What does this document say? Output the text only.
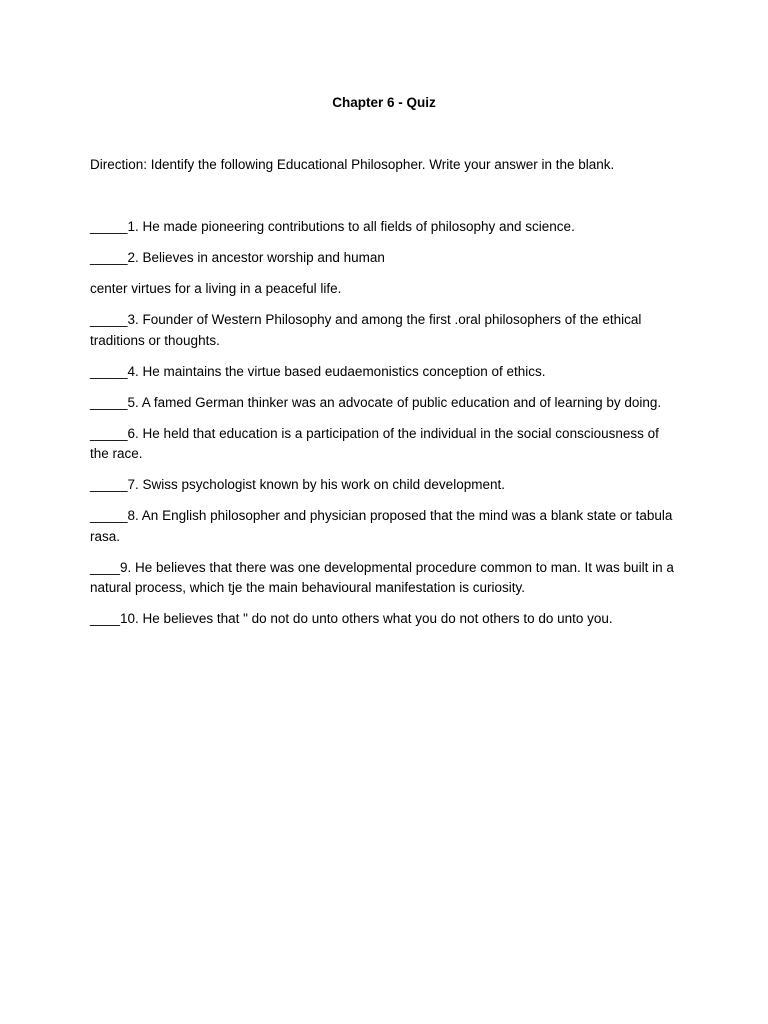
Chapter 6 - Quiz
Direction: Identify the following Educational Philosopher. Write your answer in the blank.
_____1. He made pioneering contributions to all fields of philosophy and science.
_____2. Believes in ancestor worship and human
center virtues for a living in a peaceful life.
_____3. Founder of Western Philosophy and among the first .oral philosophers of the ethical traditions or thoughts.
_____4. He maintains the virtue based eudaemonistics conception of ethics.
_____5. A famed German thinker was an advocate of public education and of learning by doing.
_____6. He held that education is a participation of the individual in the social consciousness of the race.
_____7. Swiss psychologist known by his work on child development.
_____8. An English philosopher and physician proposed that the mind was a blank state or tabula rasa.
____9. He believes that there was one developmental procedure common to man. It was built in a natural process, which tje the main behavioural manifestation is curiosity.
____10. He believes that " do not do unto others what you do not others to do unto you.
